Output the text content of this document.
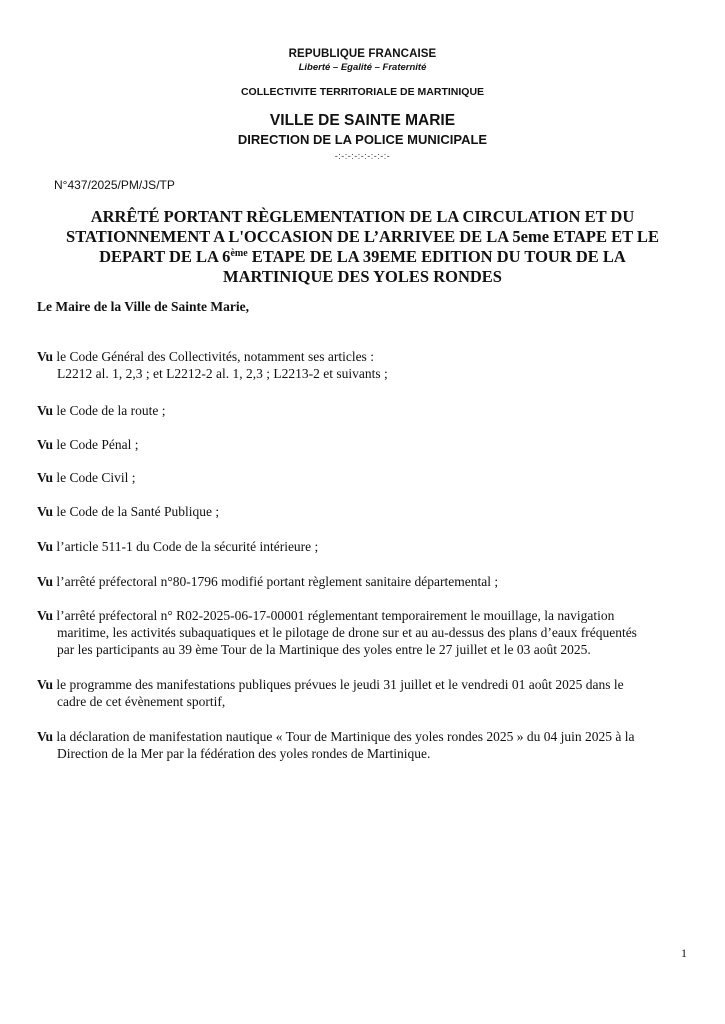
REPUBLIQUE FRANCAISE

Liberté – Egalité – Fraternité

COLLECTIVITE TERRITORIALE DE MARTINIQUE

VILLE DE SAINTE MARIE

DIRECTION DE LA POLICE MUNICIPALE

-:-:-:-:-:-:-:-:-

N°437/2025/PM/JS/TP

ARRÊTÉ PORTANT RÈGLEMENTATION DE LA CIRCULATION ET DU
STATIONNEMENT A L'OCCASION DE L’ARRIVEE DE LA 5eme ETAPE ET LE
DEPART DE LA 6ème ETAPE DE LA 39EME EDITION DU TOUR DE LA
MARTINIQUE DES YOLES RONDES

Le Maire de la Ville de Sainte Marie,

Vu le Code Général des Collectivités, notamment ses articles :
L2212 al. 1, 2,3 ; et L2212-2 al. 1, 2,3 ; L2213-2 et suivants ;

Vu le Code de la route ;

Vu le Code Pénal ;

Vu le Code Civil ;

Vu le Code de la Santé Publique ;

Vu l’article 511-1 du Code de la sécurité intérieure ;

Vu l’arrêté préfectoral n°80-1796 modifié portant règlement sanitaire départemental ;

Vu l’arrêté préfectoral n° R02-2025-06-17-00001 réglementant temporairement le mouillage, la navigation
maritime, les activités subaquatiques et le pilotage de drone sur et au au-dessus des plans d’eaux fréquentés
par les participants au 39 ème Tour de la Martinique des yoles entre le 27 juillet et le 03 août 2025.

Vu le programme des manifestations publiques prévues le jeudi 31 juillet et le vendredi 01 août 2025 dans le
cadre de cet évènement sportif,

Vu la déclaration de manifestation nautique « Tour de Martinique des yoles rondes 2025 » du 04 juin 2025 à la
Direction de la Mer par la fédération des yoles rondes de Martinique.

1
